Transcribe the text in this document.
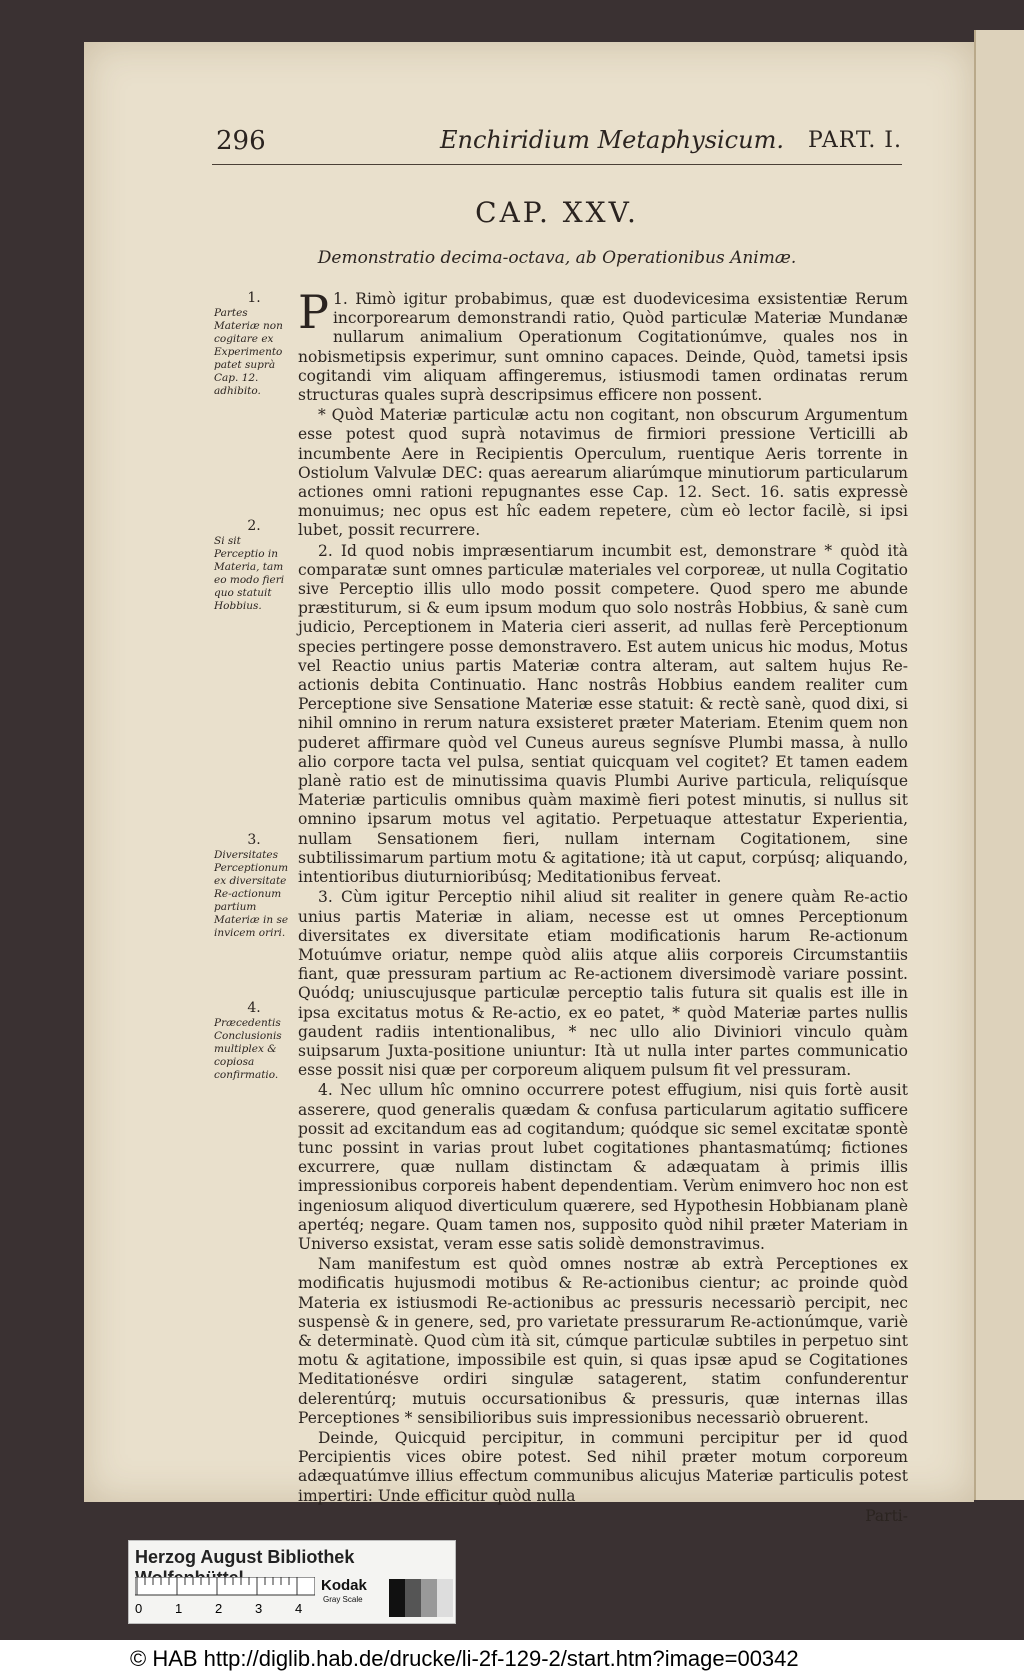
296	Enchiridium Metaphysicum. PART. I.
CAP. XXV.
Demonstratio decima-octava, ab Operationibus Animæ.
1.
Partes Materiæ non cogitare ex Experimento patet suprà Cap. 12. adhibito.
2.
Si sit Perceptio in Materia, tam eo modo fieri quo statuit Hobbius.
3.
Diversitates Perceptionum ex diversitate Re-actionum partium Materiæ in se invicem oriri.
4.
Præcedentis Conclusionis multiplex & copiosa confirmatio.

P 1. Rimò igitur probabimus, quæ est duodevicesima exsistentiæ Rerum incorporearum demonstrandi ratio, Quòd particulæ Materiæ Mundanæ nullarum animalium Operationum Cogitationúmve, quales nos in nobismetipsis experimur, sunt omnino capaces. Deinde, Quòd, tametsi ipsis cogitandi vim aliquam affingeremus, istiusmodi tamen ordinatas rerum structuras quales suprà descripsimus efficere non possent.

* Quòd Materiæ particulæ actu non cogitant, non obscurum Argumentum esse potest quod suprà notavimus de firmiori pressione Verticilli ab incumbente Aere in Recipientis Operculum, ruentique Aeris torrente in Ostiolum Valvulæ DEC: quas aerearum aliarúmque minutiorum particularum actiones omni rationi repugnantes esse Cap. 12. Sect. 16. satis expressè monuimus; nec opus est hîc eadem repetere, cùm eò lector facilè, si ipsi lubet, possit recurrere.

2. Id quod nobis impræsentiarum incumbit est, demonstrare * quòd ità comparatæ sunt omnes particulæ materiales vel corporeæ, ut nulla Cogitatio sive Perceptio illis ullo modo possit competere. Quod spero me abunde præstiturum, si & eum ipsum modum quo solo nostrâs Hobbius, & sanè cum judicio, Perceptionem in Materia cieri asserit, ad nullas ferè Perceptionum species pertingere posse demonstravero. Est autem unicus hic modus, Motus vel Reactio unius partis Materiæ contra alteram, aut saltem hujus Re-actionis debita Continuatio. Hanc nostrâs Hobbius eandem realiter cum Perceptione sive Sensatione Materiæ esse statuit: & rectè sanè, quod dixi, si nihil omnino in rerum natura exsisteret præter Materiam. Etenim quem non puderet affirmare quòd vel Cuneus aureus segnísve Plumbi massa, à nullo alio corpore tacta vel pulsa, sentiat quicquam vel cogitet? Et tamen eadem planè ratio est de minutissima quavis Plumbi Aurive particula, reliquísque Materiæ particulis omnibus quàm maximè fieri potest minutis, si nullus sit omnino ipsarum motus vel agitatio. Perpetuaque attestatur Experientia, nullam Sensationem fieri, nullam internam Cogitationem, sine subtilissimarum partium motu & agitatione; ità ut caput, corpúsq; aliquando, intentioribus diuturnioribúsq; Meditationibus ferveat.

3. Cùm igitur Perceptio nihil aliud sit realiter in genere quàm Re-actio unius partis Materiæ in aliam, necesse est ut omnes Perceptionum diversitates ex diversitate etiam modificationis harum Re-actionum Motuúmve oriatur, nempe quòd aliis atque aliis corporeis Circumstantiis fiant, quæ pressuram partium ac Re-actionem diversimodè variare possint. Quódq; uniuscujusque particulæ perceptio talis futura sit qualis est ille in ipsa excitatus motus & Re-actio, ex eo patet, * quòd Materiæ partes nullis gaudent radiis intentionalibus, * nec ullo alio Diviniori vinculo quàm suipsarum Juxta-positione uniuntur: Ità ut nulla inter partes communicatio esse possit nisi quæ per corporeum aliquem pulsum fit vel pressuram.

4. Nec ullum hîc omnino occurrere potest effugium, nisi quis fortè ausit asserere, quod generalis quædam & confusa particularum agitatio sufficere possit ad excitandum eas ad cogitandum; quódque sic semel excitatæ spontè tunc possint in varias prout lubet cogitationes phantasmatúmq; fictiones excurrere, quæ nullam distinctam & adæquatam à primis illis impressionibus corporeis habent dependentiam. Verùm enimvero hoc non est ingeniosum aliquod diverticulum quærere, sed Hypothesin Hobbianam planè apertéq; negare. Quam tamen nos, supposito quòd nihil præter Materiam in Universo exsistat, veram esse satis solidè demonstravimus.

Nam manifestum est quòd omnes nostræ ab extrà Perceptiones ex modificatis hujusmodi motibus & Re-actionibus cientur; ac proinde quòd Materia ex istiusmodi Re-actionibus ac pressuris necessariò percipit, nec suspensè & in genere, sed, pro varietate pressurarum Re-actionúmque, variè & determinatè. Quod cùm ità sit, cúmque particulæ subtiles in perpetuo sint motu & agitatione, impossibile est quin, si quas ipsæ apud se Cogitationes Meditationésve ordiri singulæ satagerent, statim confunderentur delerentúrq; mutuis occursationibus & pressuris, quæ internas illas Perceptiones * sensibilioribus suis impressionibus necessariò obruerent.

Deinde, Quicquid percipitur, in communi percipitur per id quod Percipientis vices obire potest. Sed nihil præter motum corporeum adæquatúmve illius effectum communibus alicujus Materiæ particulis potest impertiri: Unde efficitur quòd nulla

Parti-
Herzog August Bibliothek
0	1	2	3	4
Kodak
Gray Scale
© HAB http://diglib.hab.de/drucke/li-2f-129-2/start.htm?image=00342
